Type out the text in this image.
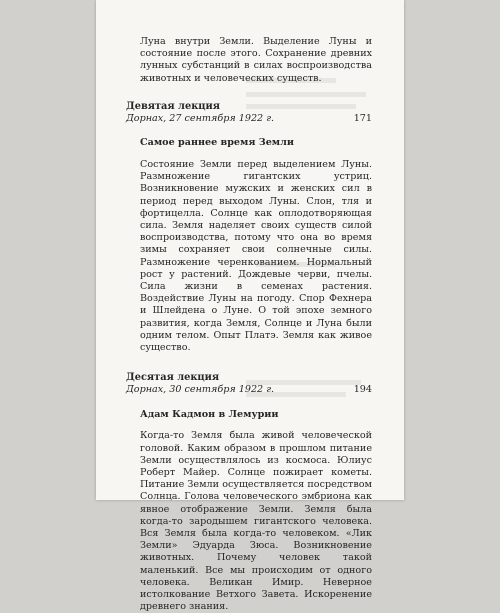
Луна внутри Земли. Выделение Луны и состояние после этого. Сохранение древних лунных субстанций в силах воспроизводства животных и человеческих существ.

Девятая лекция

Дорнах, 27 сентября 1922 г.	171

Самое раннее время Земли

Состояние Земли перед выделением Луны. Размножение гигантских устриц. Возникновение мужских и женских сил в период перед выходом Луны. Слон, тля и фортицелла. Солнце как оплодотворяющая сила. Земля наделяет своих существ силой воспроизводства, потому что она во время зимы сохраняет свои солнечные силы. Размножение черенкованием. Нормальный рост у растений. Дождевые черви, пчелы. Сила жизни в семенах растения. Воздействие Луны на погоду. Спор Фехнера и Шлейдена о Луне. О той эпохе земного развития, когда Земля, Солнце и Луна были одним телом. Опыт Платэ. Земля как живое существо.

Десятая лекция

Дорнах, 30 сентября 1922 г.	194

Адам Кадмон в Лемурии

Когда-то Земля была живой человеческой головой. Каким образом в прошлом питание Земли осуществлялось из космоса. Юлиус Роберт Майер. Солнце пожирает кометы. Питание Земли осуществляется посредством Солнца. Голова человеческого эмбриона как явное отображение Земли. Земля была когда-то зародышем гигантского человека. Вся Земля была когда-то человеком. «Лик Земли» Эдуарда Зюса. Возникновение животных. Почему человек такой маленький. Все мы происходим от одного человека. Великан Имир. Неверное истолкование Ветхого Завета. Искоренение древнего знания.
